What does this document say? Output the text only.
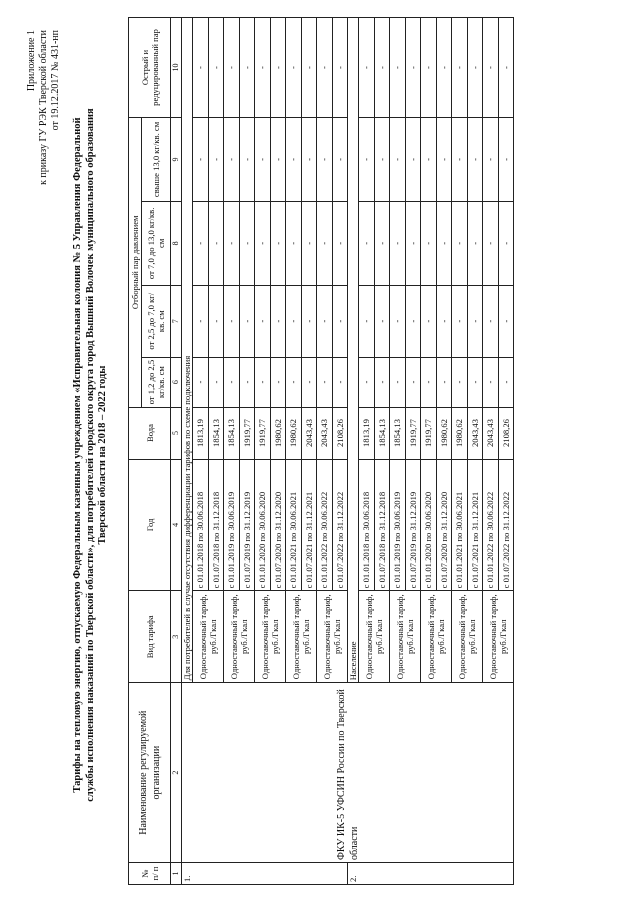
Приложение 1 к приказу ГУ РЭК Тверской области от 19.12.2017 № 431-нп
Тарифы на тепловую энергию, отпускаемую Федеральным казенным учреждением «Исправительная колония № 5 Управления Федеральной службы исполнения наказаний по Тверской области», для потребителей городского округа город Вышний Волочек муниципального образования Тверской области на 2018 – 2022 годы
№ п/ п	Наименование регулируемой организации	Вид тарифа	Год	Вода	Отборный пар давлением				Острый и редуцированный пар
					от 1,2 до 2,5 кг/кв. см	от 2,5 до 7,0 кг/кв. см	от 7,0 до 13,0 кг/кв. см	свыше 13,0 кг/кв. см	
1	2	3	4	5	6	7	8	9	10
1.	ФКУ ИК-5 УФСИН России по Тверской области	Для потребителей в случае отсутствия дифференциации тарифов по схеме подключения							
		Одноставочный тариф, руб./Гкал	с 01.01.2018 по 30.06.2018	1813,19	-	-	-	-	-
			с 01.07.2018 по 31.12.2018	1854,13	-	-	-	-	-
		Одноставочный тариф, руб./Гкал	с 01.01.2019 по 30.06.2019	1854,13	-	-	-	-	-
			с 01.07.2019 по 31.12.2019	1919,77	-	-	-	-	-
		Одноставочный тариф, руб./Гкал	с 01.01.2020 по 30.06.2020	1919,77	-	-	-	-	-
			с 01.07.2020 по 31.12.2020	1980,62	-	-	-	-	-
		Одноставочный тариф, руб./Гкал	с 01.01.2021 по 30.06.2021	1980,62	-	-	-	-	-
			с 01.07.2021 по 31.12.2021	2043,43	-	-	-	-	-
		Одноставочный тариф, руб./Гкал	с 01.01.2022 по 30.06.2022	2043,43	-	-	-	-	-
			с 01.07.2022 по 31.12.2022	2108,26	-	-	-	-	-
2.		Население							
		Одноставочный тариф, руб./Гкал	с 01.01.2018 по 30.06.2018	1813,19	-	-	-	-	-
			с 01.07.2018 по 31.12.2018	1854,13	-	-	-	-	-
		Одноставочный тариф, руб./Гкал	с 01.01.2019 по 30.06.2019	1854,13	-	-	-	-	-
			с 01.07.2019 по 31.12.2019	1919,77	-	-	-	-	-
		Одноставочный тариф, руб./Гкал	с 01.01.2020 по 30.06.2020	1919,77	-	-	-	-	-
			с 01.07.2020 по 31.12.2020	1980,62	-	-	-	-	-
		Одноставочный тариф, руб./Гкал	с 01.01.2021 по 30.06.2021	1980,62	-	-	-	-	-
			с 01.07.2021 по 31.12.2021	2043,43	-	-	-	-	-
		Одноставочный тариф, руб./Гкал	с 01.01.2022 по 30.06.2022	2043,43	-	-	-	-	-
			с 01.07.2022 по 31.12.2022	2108,26	-	-	-	-	-
